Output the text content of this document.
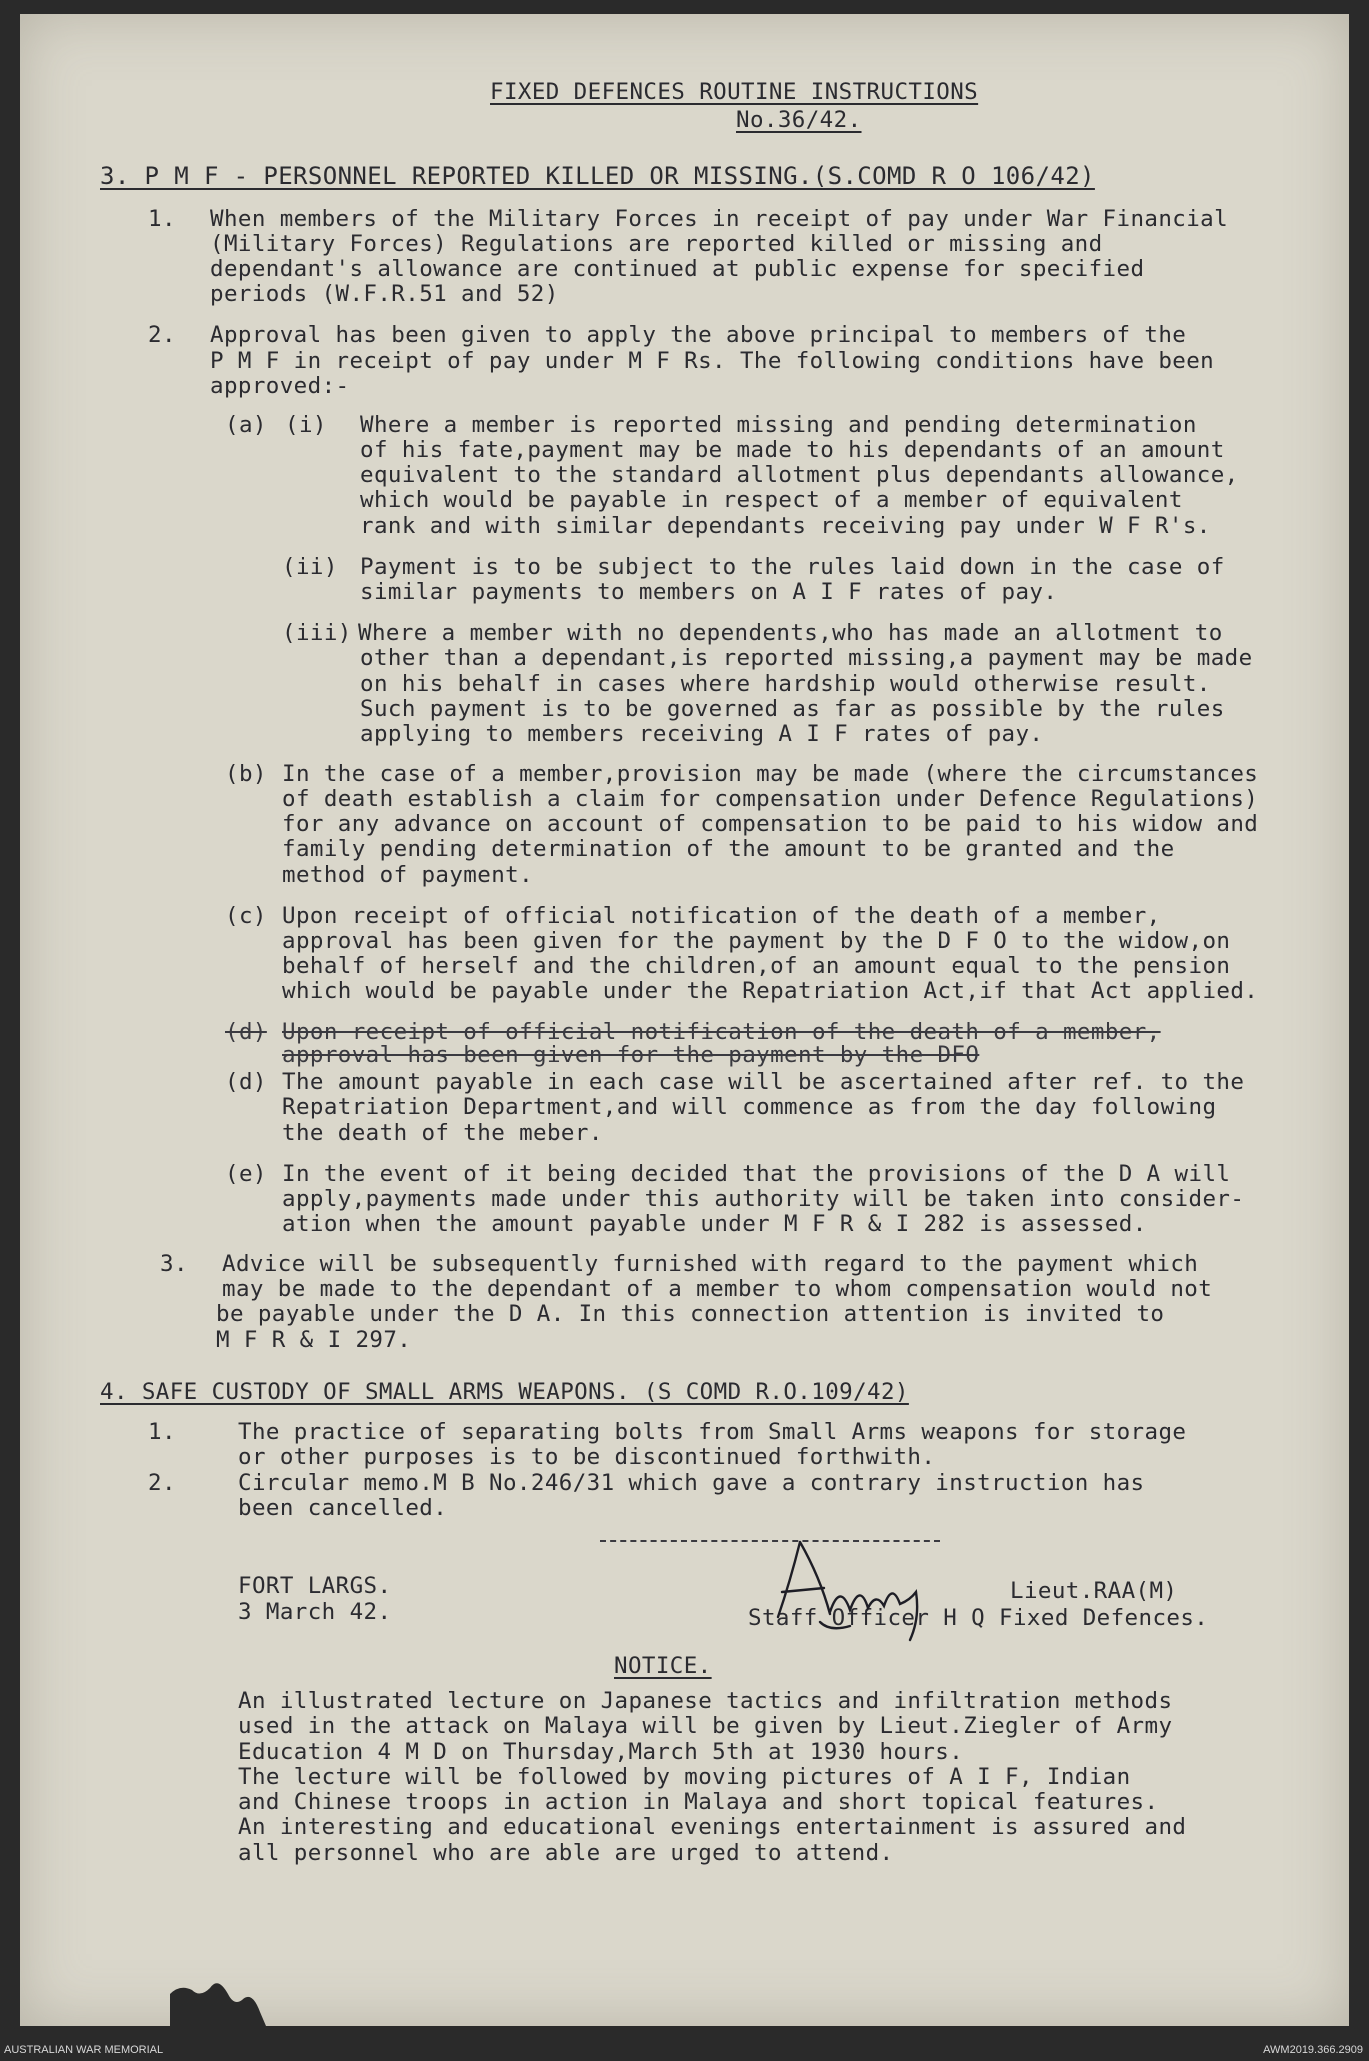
FIXED DEFENCES ROUTINE INSTRUCTIONS
No.36/42.
3. P M F - PERSONNEL REPORTED KILLED OR MISSING.(S.COMD R O 106/42)
1. When members of the Military Forces in receipt of pay under War Financial
(Military Forces) Regulations are reported killed or missing and
dependant's allowance are continued at public expense for specified
periods (W.F.R.51 and 52)
2. Approval has been given to apply the above principal to members of the
P M F in receipt of pay under M F Rs. The following conditions have been
approved:-
(a) (i) Where a member is reported missing and pending determination
of his fate,payment may be made to his dependants of an amount
equivalent to the standard allotment plus dependants allowance,
which would be payable in respect of a member of equivalent
rank and with similar dependants receiving pay under W F R's.
(ii) Payment is to be subject to the rules laid down in the case of
similar payments to members on A I F rates of pay.
(iii) Where a member with no dependents,who has made an allotment to
other than a dependant,is reported missing,a payment may be made
on his behalf in cases where hardship would otherwise result.
Such payment is to be governed as far as possible by the rules
applying to members receiving A I F rates of pay.
(b) In the case of a member,provision may be made (where the circumstances
of death establish a claim for compensation under Defence Regulations)
for any advance on account of compensation to be paid to his widow and
family pending determination of the amount to be granted and the
method of payment.
(c) Upon receipt of official notification of the death of a member,
approval has been given for the payment by the D F O to the widow,on
behalf of herself and the children,of an amount equal to the pension
which would be payable under the Repatriation Act,if that Act applied.
(d) Upon receipt of official notification of the death of a member,
approval has been given for the payment by the DFO
(d) The amount payable in each case will be ascertained after ref. to the
Repatriation Department,and will commence as from the day following
the death of the meber.
(e) In the event of it being decided that the provisions of the D A will
apply,payments made under this authority will be taken into consider-
ation when the amount payable under M F R & I 282 is assessed.
3. Advice will be subsequently furnished with regard to the payment which
may be made to the dependant of a member to whom compensation would not
be payable under the D A. In this connection attention is invited to
M F R & I 297.
4. SAFE CUSTODY OF SMALL ARMS WEAPONS. (S COMD R.O.109/42)
1.	The practice of separating bolts from Small Arms weapons for storage
or other purposes is to be discontinued forthwith.
2.	Circular memo.M B No.246/31 which gave a contrary instruction has
been cancelled.
FORT LARGS.
3 March 42.
Lieut.RAA(M)
Staff Officer H Q Fixed Defences.
NOTICE.
An illustrated lecture on Japanese tactics and infiltration methods
used in the attack on Malaya will be given by Lieut.Ziegler of Army
Education 4 M D on Thursday,March 5th at 1930 hours.
The lecture will be followed by moving pictures of A I F, Indian
and Chinese troops in action in Malaya and short topical features.
An interesting and educational evenings entertainment is assured and
all personnel who are able are urged to attend.
AUSTRALIAN WAR MEMORIAL	AWM2019.366.2909
